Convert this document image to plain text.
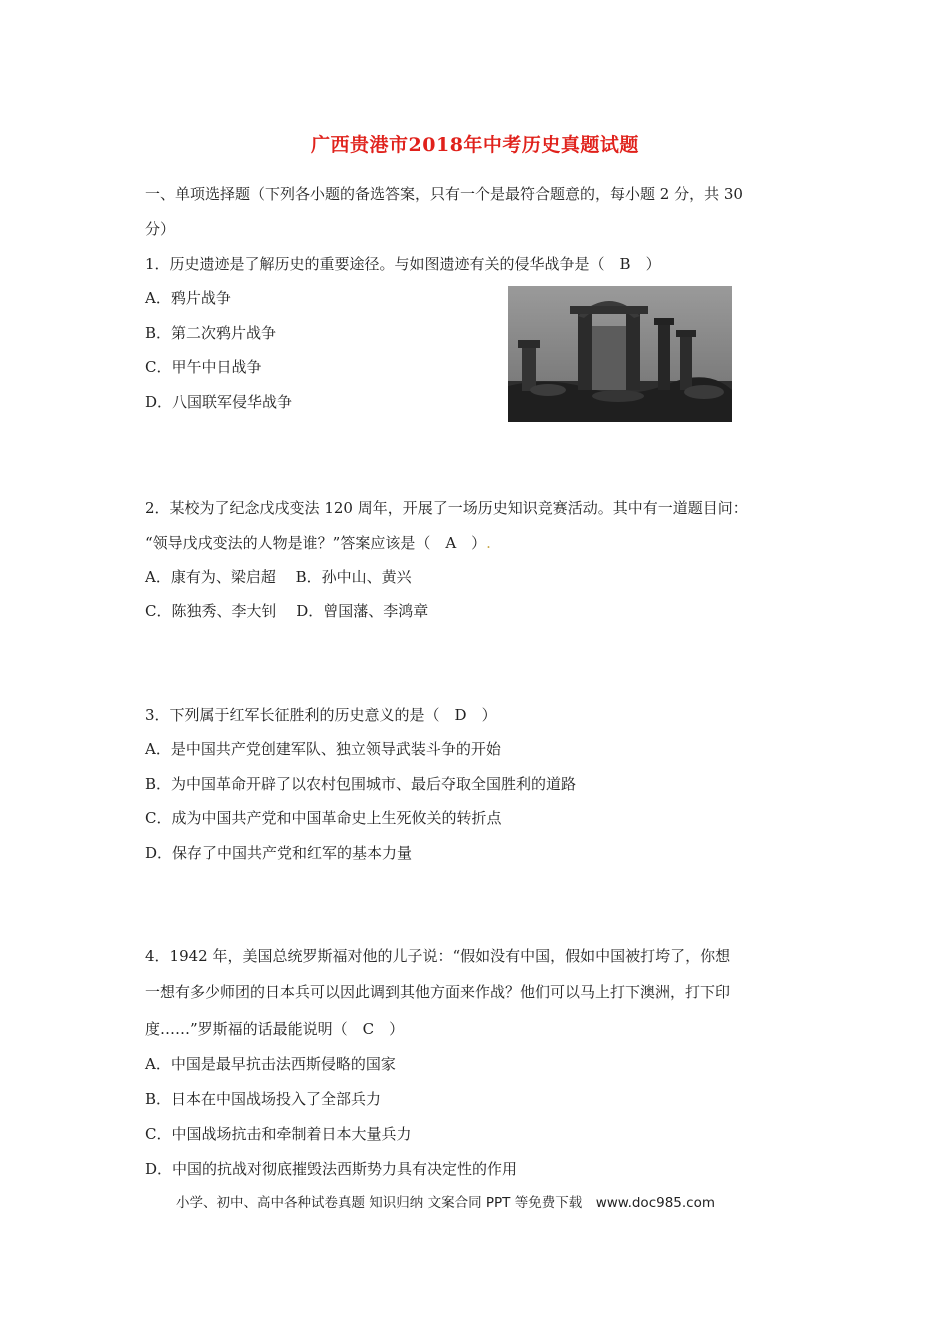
广西贵港市2018年中考历史真题试题
一、单项选择题（下列各小题的备选答案，只有一个是最符合题意的，每小题 2 分，共 30
分）
1．历史遗迹是了解历史的重要途径。与如图遗迹有关的侵华战争是（　B　）
A．鸦片战争
B．第二次鸦片战争
C．甲午中日战争
D．八国联军侵华战争
2．某校为了纪念戊戌变法 120 周年，开展了一场历史知识竞赛活动。其中有一道题目问：
“领导戊戌变法的人物是谁？”答案应该是（　A　）.
A．康有为、梁启超　 B．孙中山、黄兴
C．陈独秀、李大钊　 D．曾国藩、李鸿章
3．下列属于红军长征胜利的历史意义的是（　D　）
A．是中国共产党创建军队、独立领导武装斗争的开始
B．为中国革命开辟了以农村包围城市、最后夺取全国胜利的道路
C．成为中国共产党和中国革命史上生死攸关的转折点
D．保存了中国共产党和红军的基本力量
4．1942 年，美国总统罗斯福对他的儿子说：“假如没有中国，假如中国被打垮了，你想
一想有多少师团的日本兵可以因此调到其他方面来作战？他们可以马上打下澳洲，打下印
度……”罗斯福的话最能说明（　C　）
A．中国是最早抗击法西斯侵略的国家
B．日本在中国战场投入了全部兵力
C．中国战场抗击和牵制着日本大量兵力
D．中国的抗战对彻底摧毁法西斯势力具有决定性的作用
小学、初中、高中各种试卷真题 知识归纳 文案合同 PPT 等免费下载　www.doc985.com
